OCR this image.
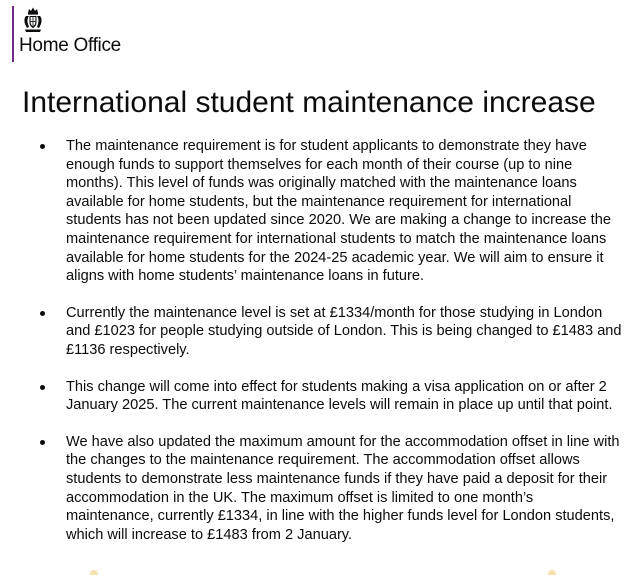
Home Office
International student maintenance increase
The maintenance requirement is for student applicants to demonstrate they have enough funds to support themselves for each month of their course (up to nine months). This level of funds was originally matched with the maintenance loans available for home students, but the maintenance requirement for international students has not been updated since 2020. We are making a change to increase the maintenance requirement for international students to match the maintenance loans available for home students for the 2024-25 academic year. We will aim to ensure it aligns with home students’ maintenance loans in future.
Currently the maintenance level is set at £1334/month for those studying in London and £1023 for people studying outside of London. This is being changed to £1483 and £1136 respectively.
This change will come into effect for students making a visa application on or after 2 January 2025. The current maintenance levels will remain in place up until that point.
We have also updated the maximum amount for the accommodation offset in line with the changes to the maintenance requirement. The accommodation offset allows students to demonstrate less maintenance funds if they have paid a deposit for their accommodation in the UK. The maximum offset is limited to one month’s maintenance, currently £1334, in line with the higher funds level for London students, which will increase to £1483 from 2 January.
